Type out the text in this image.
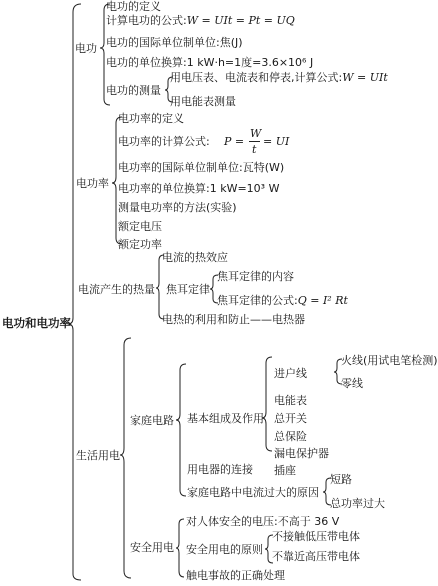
电功和电功率
电功
电功的定义
计算电功的公式:W = UIt = Pt = UQ
电功的国际单位制单位:焦(J)
电功的单位换算:1 kW·h=1度=3.6×10⁶ J
电功的测量
用电压表、电流表和停表,计算公式:W = UIt
用电能表测量
电功率
电功率的定义
电功率的计算公式: P =
W
t
= UI
电功率的国际单位制单位:瓦特(W)
电功率的单位换算:1 kW=10³ W
测量电功率的方法(实验)
额定电压
额定功率
电流产生的热量
电流的热效应
焦耳定律
焦耳定律的内容
焦耳定律的公式:Q = I² Rt
电热的利用和防止——电热器
生活用电
家庭电路 基本组成及作用
进户线
火线(用试电笔检测)
零线
电能表
总开关
总保险
漏电保护器
插座
用电器的连接
家庭电路中电流过大的原因
短路
总功率过大
安全用电
对人体安全的电压:不高于 36 V
安全用电的原则
不接触低压带电体
不靠近高压带电体
触电事故的正确处理
